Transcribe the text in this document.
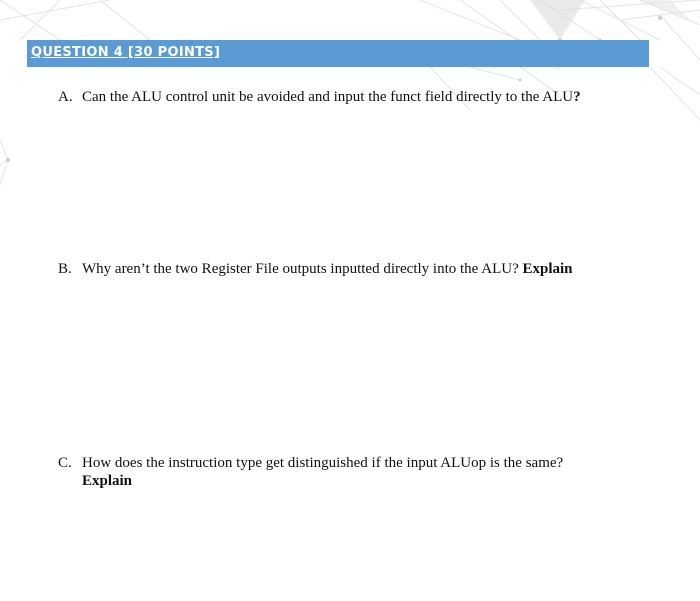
QUESTION 4 [30 POINTS]
A. Can the ALU control unit be avoided and input the funct field directly to the ALU?
B. Why aren’t the two Register File outputs inputted directly into the ALU? Explain
C. How does the instruction type get distinguished if the input ALUop is the same?
Explain
